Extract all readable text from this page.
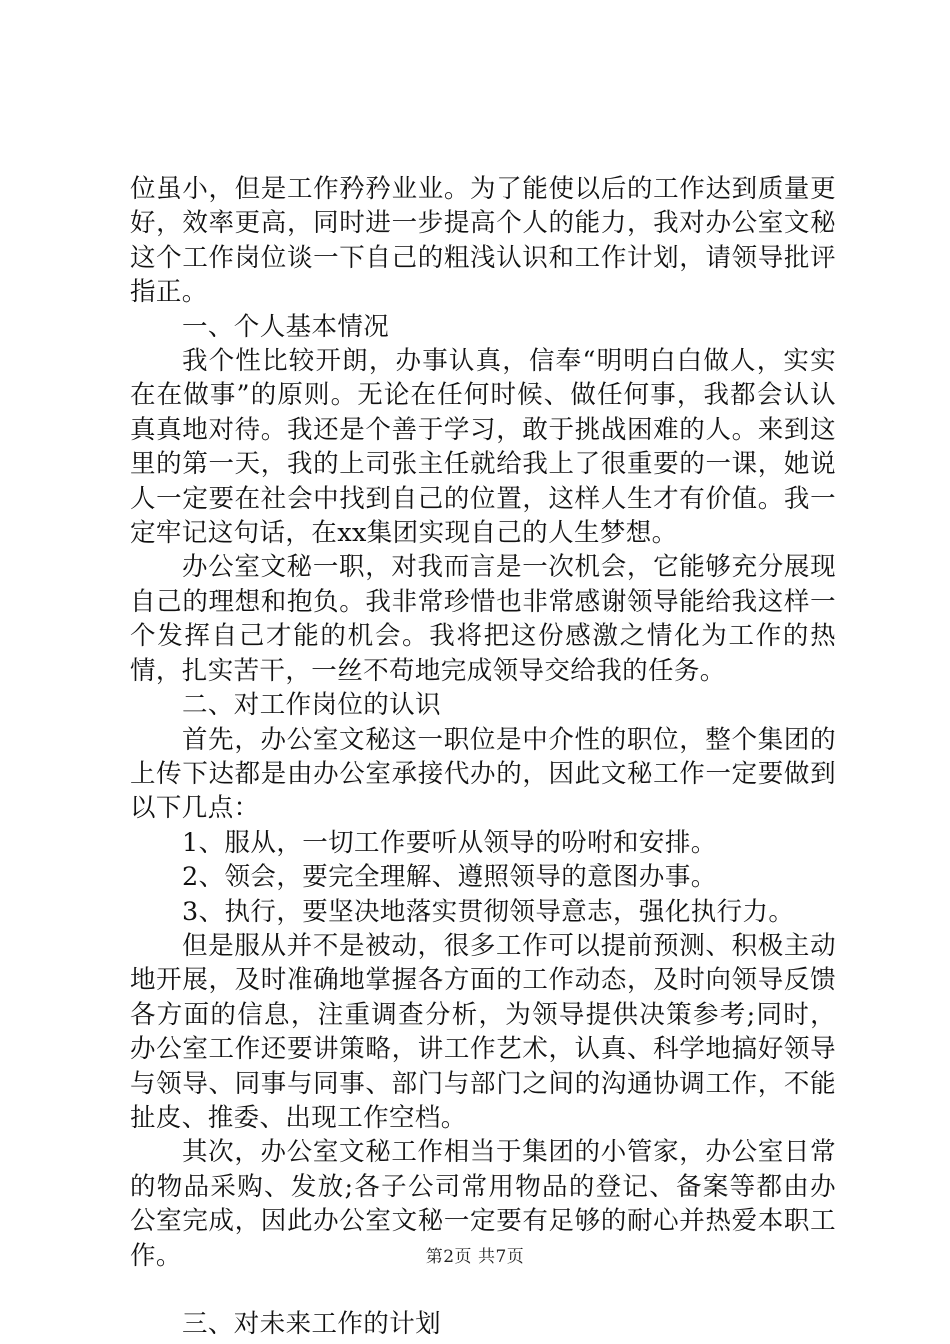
位虽小，但是工作矜矜业业。为了能使以后的工作达到质量更好，效率更高，同时进一步提高个人的能力，我对办公室文秘这个工作岗位谈一下自己的粗浅认识和工作计划，请领导批评指正。

一、个人基本情况

我个性比较开朗，办事认真，信奉“明明白白做人，实实在在做事”的原则。无论在任何时候、做任何事，我都会认认真真地对待。我还是个善于学习，敢于挑战困难的人。来到这里的第一天，我的上司张主任就给我上了很重要的一课，她说人一定要在社会中找到自己的位置，这样人生才有价值。我一定牢记这句话，在xx集团实现自己的人生梦想。

办公室文秘一职，对我而言是一次机会，它能够充分展现自己的理想和抱负。我非常珍惜也非常感谢领导能给我这样一个发挥自己才能的机会。我将把这份感激之情化为工作的热情，扎实苦干，一丝不苟地完成领导交给我的任务。

二、对工作岗位的认识

首先，办公室文秘这一职位是中介性的职位，整个集团的上传下达都是由办公室承接代办的，因此文秘工作一定要做到以下几点：

1、服从，一切工作要听从领导的吩咐和安排。

2、领会，要完全理解、遵照领导的意图办事。

3、执行，要坚决地落实贯彻领导意志，强化执行力。

但是服从并不是被动，很多工作可以提前预测、积极主动地开展，及时准确地掌握各方面的工作动态，及时向领导反馈各方面的信息，注重调查分析，为领导提供决策参考;同时，办公室工作还要讲策略，讲工作艺术，认真、科学地搞好领导与领导、同事与同事、部门与部门之间的沟通协调工作，不能扯皮、推委、出现工作空档。

其次，办公室文秘工作相当于集团的小管家，办公室日常的物品采购、发放;各子公司常用物品的登记、备案等都由办公室完成，因此办公室文秘一定要有足够的耐心并热爱本职工作。

三、对未来工作的计划

第2页 共7页
